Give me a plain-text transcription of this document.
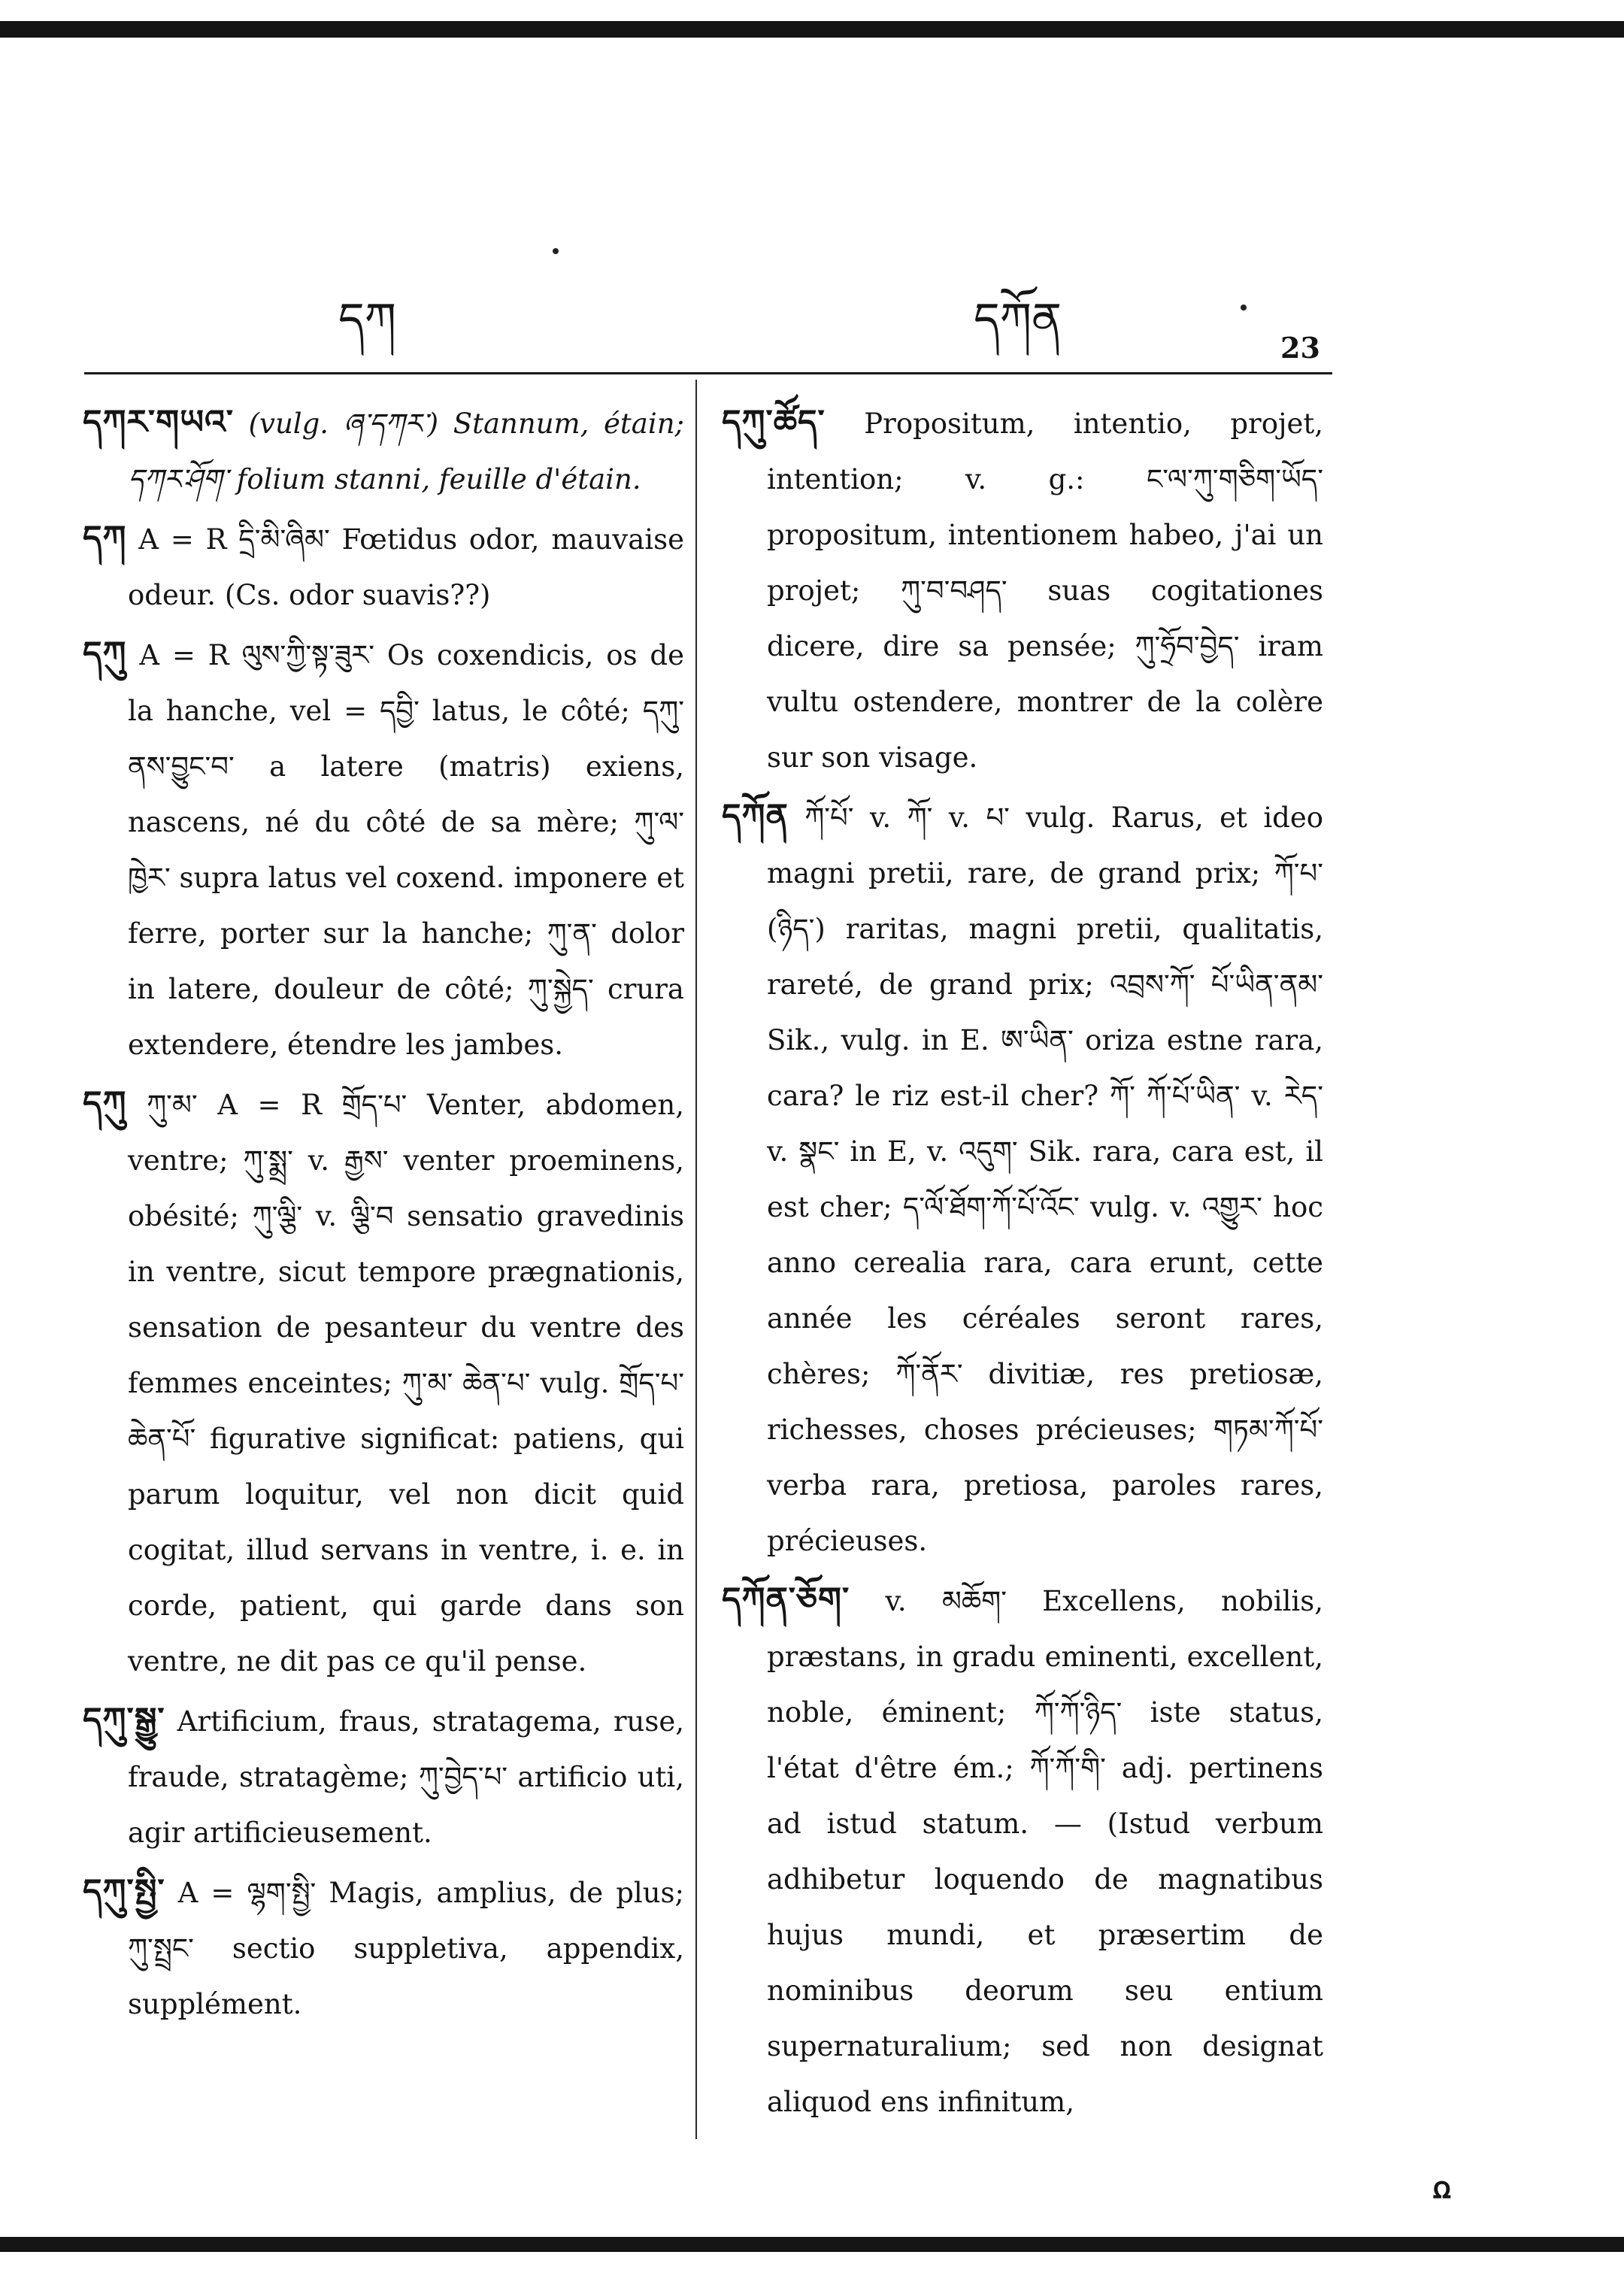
དཀ	དཀོན
23

དཀར་གཡའ་ (vulg. ཞ་དཀར་) Stannum, étain; དཀར་ཤོག་ folium stanni, feuille d'étain.

དཀ A = R དྲི་མི་ཞིམ་ Fœtidus odor, mauvaise odeur. (Cs. odor suavis??)

དཀུ A = R ལུས་ཀྱི་སྟ་ཟུར་ Os coxendicis, os de la hanche, vel = དབྱི་ latus, le côté; དཀུ་ནས་བྱུང་བ་ a latere (matris) exiens, nascens, né du côté de sa mère; ཀུ་ལ་ ཁྱེར་ supra latus vel coxend. imponere et ferre, porter sur la hanche; ཀུ་ན་ dolor in latere, douleur de côté; ཀུ་སྐྱེད་ crura extendere, étendre les jambes.

དཀུ ཀུ་མ་ A = R གྲོད་པ་ Venter, abdomen, ventre; ཀུ་སྨྲ་ v. རྒྱས་ venter proeminens, obésité; ཀུ་ལྕི་ v. ལྕི་བ sensatio gravedinis in ventre, sicut tempore prægnationis, sensation de pesanteur du ventre des femmes enceintes; ཀུ་མ་ ཆེན་པ་ vulg. གྲོད་པ་ཆེན་པོ་ figurative significat: patiens, qui parum loquitur, vel non dicit quid cogitat, illud servans in ventre, i. e. in corde, patient, qui garde dans son ventre, ne dit pas ce qu'il pense.

དཀུ་སྒྱུ་ Artificium, fraus, stratagema, ruse, fraude, stratagème; ཀུ་བྱེད་པ་ artificio uti, agir artificieusement.

དཀུ་སྤྱི་ A = ལྷག་སྤྱི་ Magis, amplius, de plus; ཀུ་སྤྲང་ sectio suppletiva, appendix, supplément.

དཀུ་ཚོད་ Propositum, intentio, projet, intention; v. g.: ང་ལ་ཀུ་གཅིག་ཡོད་ propositum, intentionem habeo, j'ai un projet; ཀུ་བ་བཤད་ suas cogitationes dicere, dire sa pensée; ཀུ་ཧྲོབ་བྱེད་ iram vultu ostendere, montrer de la colère sur son visage.

དཀོན ཀོ་པོ་ v. ཀོ་ v. པ་ vulg. Rarus, et ideo magni pretii, rare, de grand prix; ཀོ་པ་(ཉིད་) raritas, magni pretii, qualitatis, rareté, de grand prix; འབྲས་ཀོ་ པོ་ཡིན་ནམ་ Sik., vulg. in E. ཨ་ཡིན་ oriza estne rara, cara? le riz est-il cher? ཀོ་ ཀོ་པོ་ཡིན་ v. རེད་ v. སྣང་ in E, v. འདུག་ Sik. rara, cara est, il est cher; ད་ལོ་ཐོག་ཀོ་པོ་འོང་ vulg. v. འགྱུར་ hoc anno cerealia rara, cara erunt, cette année les céréales seront rares, chères; ཀོ་ནོར་ divitiæ, res pretiosæ, richesses, choses précieuses; གཏམ་ཀོ་པོ་ verba rara, pretiosa, paroles rares, précieuses.

དཀོན་ཅོག་ v. མཆོག་ Excellens, nobilis, præstans, in gradu eminenti, excellent, noble, éminent; ཀོ་ཀོ་ཉིད་ iste status, l'état d'être ém.; ཀོ་ཀོ་གི་ adj. pertinens ad istud statum. — (Istud verbum adhibetur loquendo de magnatibus hujus mundi, et præsertim de nominibus deorum seu entium supernaturalium; sed non designat aliquod ens infinitum,

ꭥ
